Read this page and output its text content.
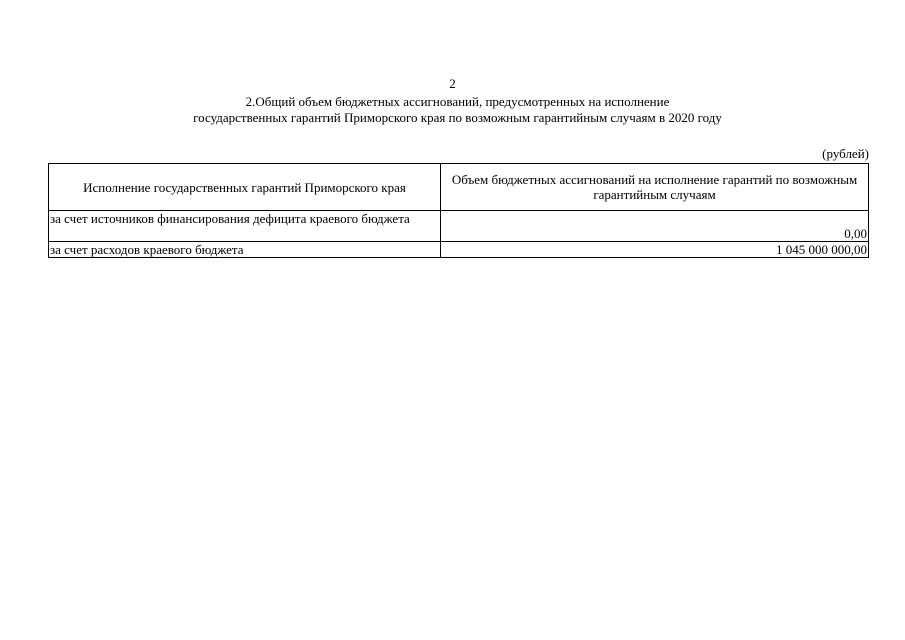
2
2.Общий объем бюджетных ассигнований, предусмотренных на исполнение
государственных гарантий Приморского края по возможным гарантийным случаям в 2020 году
(рублей)
Исполнение государственных гарантий Приморского края	Объем бюджетных ассигнований на исполнение гарантий по возможным гарантийным случаям
за счет источников финансирования дефицита краевого бюджета	0,00
за счет расходов краевого бюджета	1 045 000 000,00
